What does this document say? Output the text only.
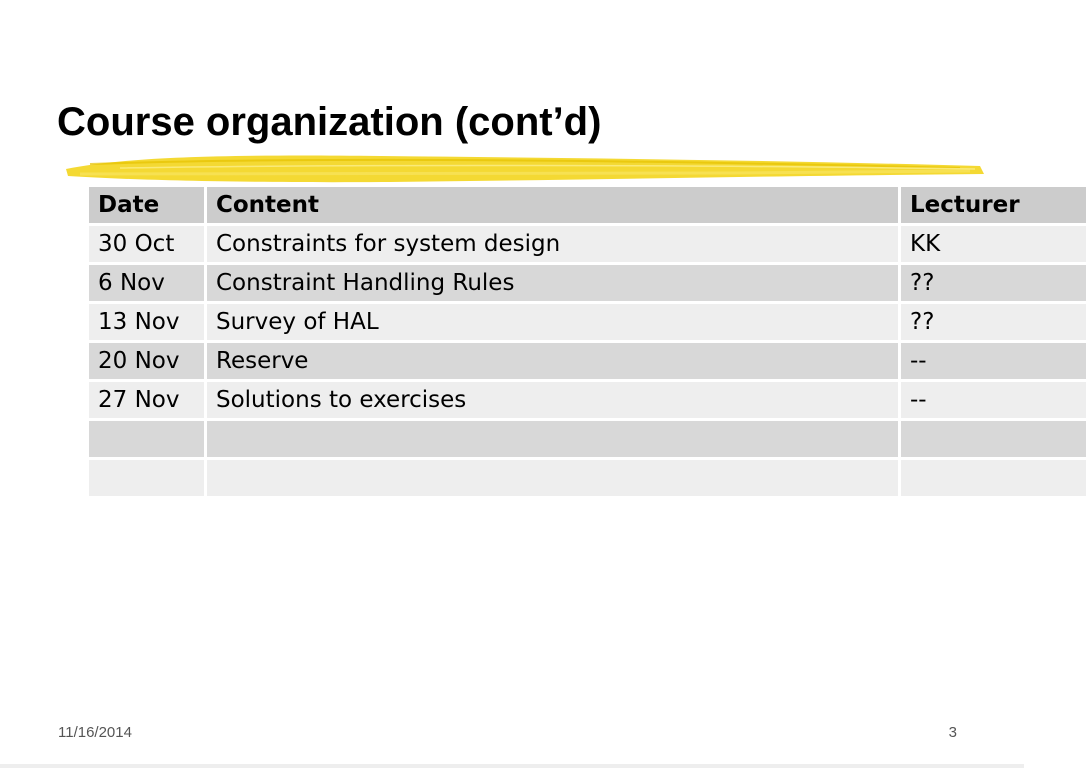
Course organization (cont’d)
Date	Content	Lecturer
30 Oct	Constraints for system design	KK
6 Nov	Constraint Handling Rules	??
13 Nov	Survey of HAL	??
20 Nov	Reserve	--
27 Nov	Solutions to exercises	--

11/16/2014	3
